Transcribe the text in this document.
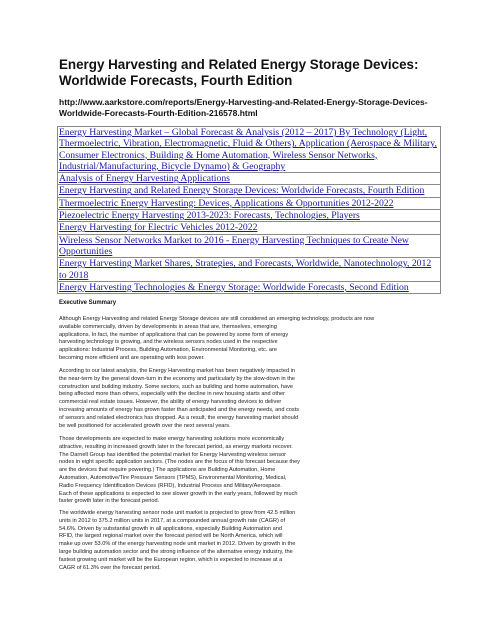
Energy Harvesting and Related Energy Storage Devices: Worldwide Forecasts, Fourth Edition
http://www.aarkstore.com/reports/Energy-Harvesting-and-Related-Energy-Storage-Devices-Worldwide-Forecasts-Fourth-Edition-216578.html
Energy Harvesting Market – Global Forecast & Analysis (2012 – 2017) By Technology (Light, Thermoelectric, Vibration, Electromagnetic, Fluid & Others), Application (Aerospace & Military, Consumer Electronics, Building & Home Automation, Wireless Sensor Networks, Industrial/Manufacturing, Bicycle Dynamo) & Geography
Analysis of Energy Harvesting Applications
Energy Harvesting and Related Energy Storage Devices: Worldwide Forecasts, Fourth Edition
Thermoelectric Energy Harvesting: Devices, Applications & Opportunities 2012-2022
Piezoelectric Energy Harvesting 2013-2023: Forecasts, Technologies, Players
Energy Harvesting for Electric Vehicles 2012-2022
Wireless Sensor Networks Market to 2016 - Energy Harvesting Techniques to Create New Opportunities
Energy Harvesting Market Shares, Strategies, and Forecasts, Worldwide, Nanotechnology, 2012 to 2018
Energy Harvesting Technologies & Energy Storage: Worldwide Forecasts, Second Edition
Executive Summary

Although Energy Harvesting and related Energy Storage devices are still considered an emerging technology, products are now

available commercially, driven by developments in areas that are, themselves, emerging

applications. In fact, the number of applications that can be powered by some form of energy

harvesting technology is growing, and the wireless sensors nodes used in the respective

applications: Industrial Process, Building Automation, Environmental Monitoring, etc. are

becoming more efficient and are operating with less power.

According to our latest analysis, the Energy Harvesting market has been negatively impacted in

the near-term by the general down-turn in the economy and particularly by the slow-down in the

construction and building industry. Some sectors, such as building and home automation, have

being affected more than others, especially with the decline in new housing starts and other

commercial real estate issues. However, the ability of energy harvesting devices to deliver

increasing amounts of energy has grown faster than anticipated and the energy needs, and costs

of sensors and related electronics has dropped. As a result, the energy harvesting market should

be well positioned for accelerated growth over the next several years.

Those developments are expected to make energy harvesting solutions more economically

attractive, resulting in increased growth later in the forecast period, as energy markets recover.

The Darnell Group has identified the potential market for Energy Harvesting wireless sensor

nodes in eight specific application sectors. (The nodes are the focus of this forecast because they

are the devices that require powering.) The applications are Building Automation, Home

Automation, Automotive/Tire Pressure Sensors (TPMS), Environmental Monitoring, Medical,

Radio Frequency Identification Devices (RFID), Industrial Process and Military/Aerospace.

Each of these applications is expected to see slower growth in the early years, followed by much

faster growth later in the forecast period.

The worldwide energy harvesting sensor node unit market is projected to grow from 42.5 million

units in 2012 to 375.2 million units in 2017, at a compounded annual growth rate (CAGR) of

54.6%. Driven by substantial growth in all applications, especially Building Automation and

RFID, the largest regional market over the forecast period will be North America, which will

make up over 53.0% of the energy harvesting node unit market in 2012. Driven by growth in the

large building automation sector and the strong influence of the alternative energy industry, the

fastest growing unit market will be the European region, which is expected to increase at a

CAGR of 61.3% over the forecast period.
